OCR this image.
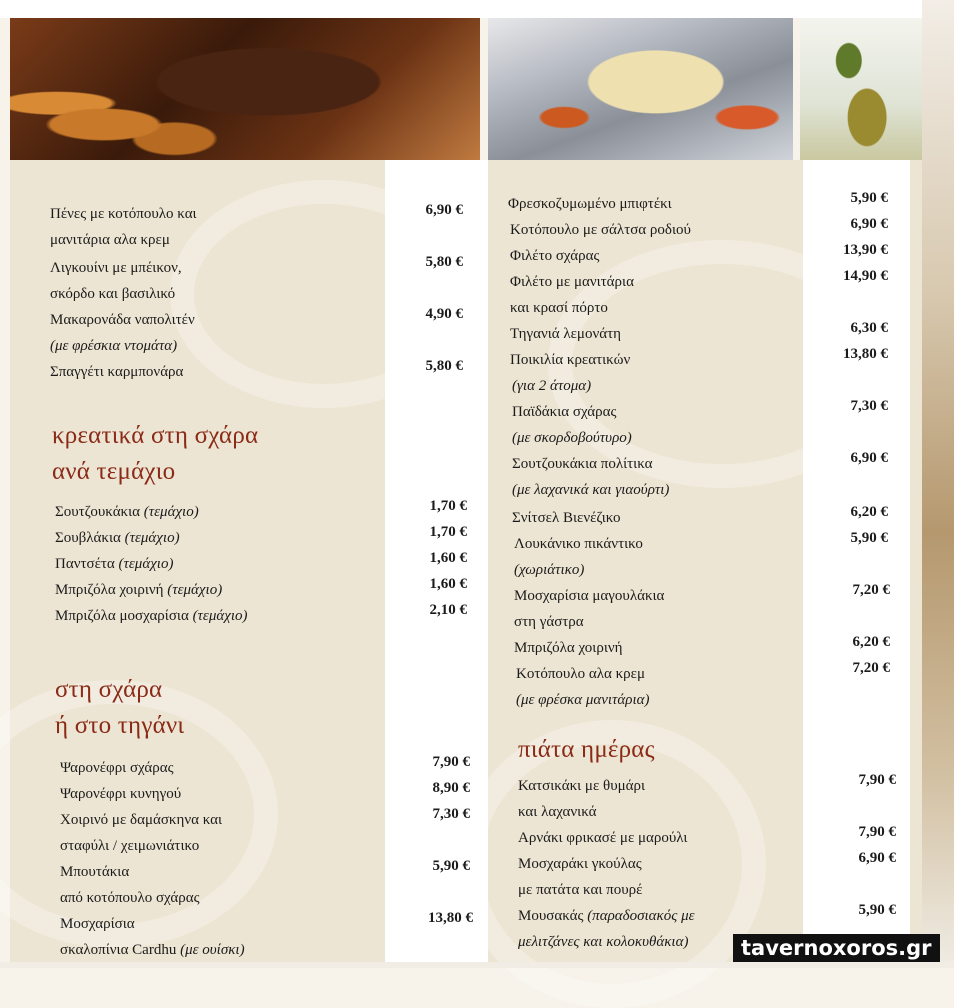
Πένες με κοτόπουλο και
μανιτάρια αλα κρεμ
6,90 €
Λιγκουίνι με μπέικον,
σκόρδο και βασιλικό
5,80 €
Μακαρονάδα ναπολιτέν
(με φρέσκια ντομάτα)
4,90 €
Σπαγγέτι καρμπονάρα	5,80 €
κρεατικά στη σχάρα
ανά τεμάχιο
Σουτζουκάκια (τεμάχιο)	1,70 €
Σουβλάκια (τεμάχιο)	1,70 €
Παντσέτα (τεμάχιο)	1,60 €
Μπριζόλα χοιρινή (τεμάχιο)	1,60 €
Μπριζόλα μοσχαρίσια (τεμάχιο)	2,10 €
στη σχάρα
ή στο τηγάνι
Ψαρονέφρι σχάρας	7,90 €
Ψαρονέφρι κυνηγού	8,90 €
Χοιρινό με δαμάσκηνα και
σταφύλι / χειμωνιάτικο
7,30 €
Μπουτάκια
από κοτόπουλο σχάρας
5,90 €
Μοσχαρίσια
σκαλοπίνια Cardhu (με ουίσκι)
13,80 €
Φρεσκοζυμωμένο μπιφτέκι	5,90 €
Κοτόπουλο με σάλτσα ροδιού	6,90 €
Φιλέτο σχάρας	13,90 €
Φιλέτο με μανιτάρια
και κρασί πόρτο
14,90 €
Τηγανιά λεμονάτη	6,30 €
Ποικιλία κρεατικών
(για 2 άτομα)
13,80 €
Παϊδάκια σχάρας
(με σκορδοβούτυρο)
7,30 €
Σουτζουκάκια πολίτικα
(με λαχανικά και γιαούρτι)
6,90 €
Σνίτσελ Βιενέζικο	6,20 €
Λουκάνικο πικάντικο
(χωριάτικο)
5,90 €
Μοσχαρίσια μαγουλάκια
στη γάστρα
7,20 €
Μπριζόλα χοιρινή	6,20 €
Κοτόπουλο αλα κρεμ
(με φρέσκα μανιτάρια)
7,20 €
πιάτα ημέρας
Κατσικάκι με θυμάρι
και λαχανικά
7,90 €
Αρνάκι φρικασέ με μαρούλι	7,90 €
Μοσχαράκι γκούλας
με πατάτα και πουρέ
6,90 €
Μουσακάς (παραδοσιακός με
μελιτζάνες και κολοκυθάκια)
5,90 €
tavernoxoros.gr
